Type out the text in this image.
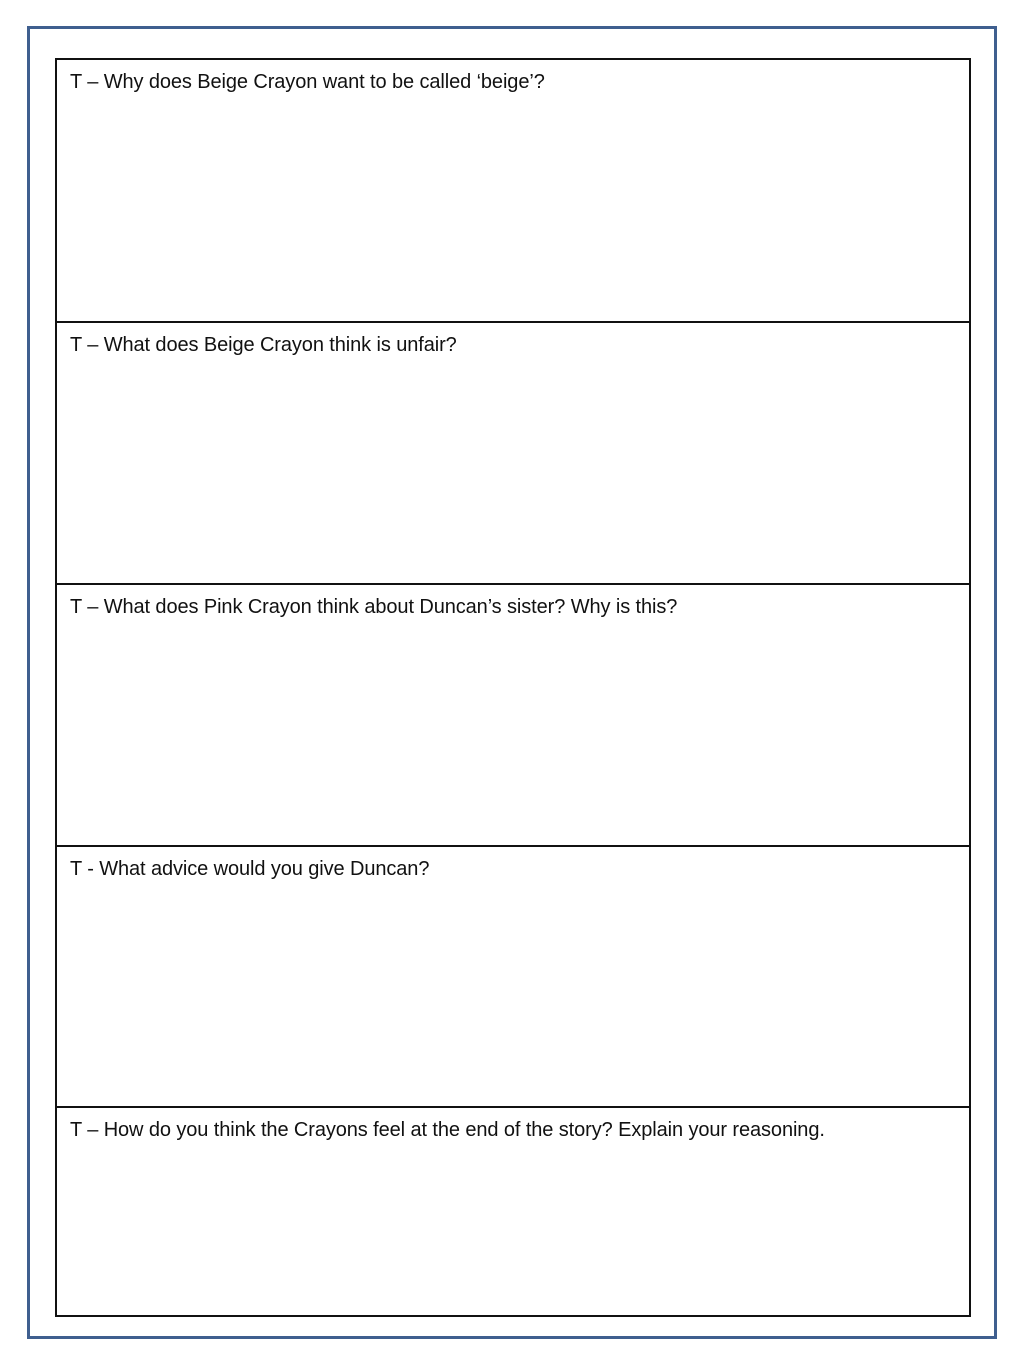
T – Why does Beige Crayon want to be called ‘beige’?
T – What does Beige Crayon think is unfair?
T – What does Pink Crayon think about Duncan’s sister? Why is this?
T - What advice would you give Duncan?
T – How do you think the Crayons feel at the end of the story? Explain your reasoning.
